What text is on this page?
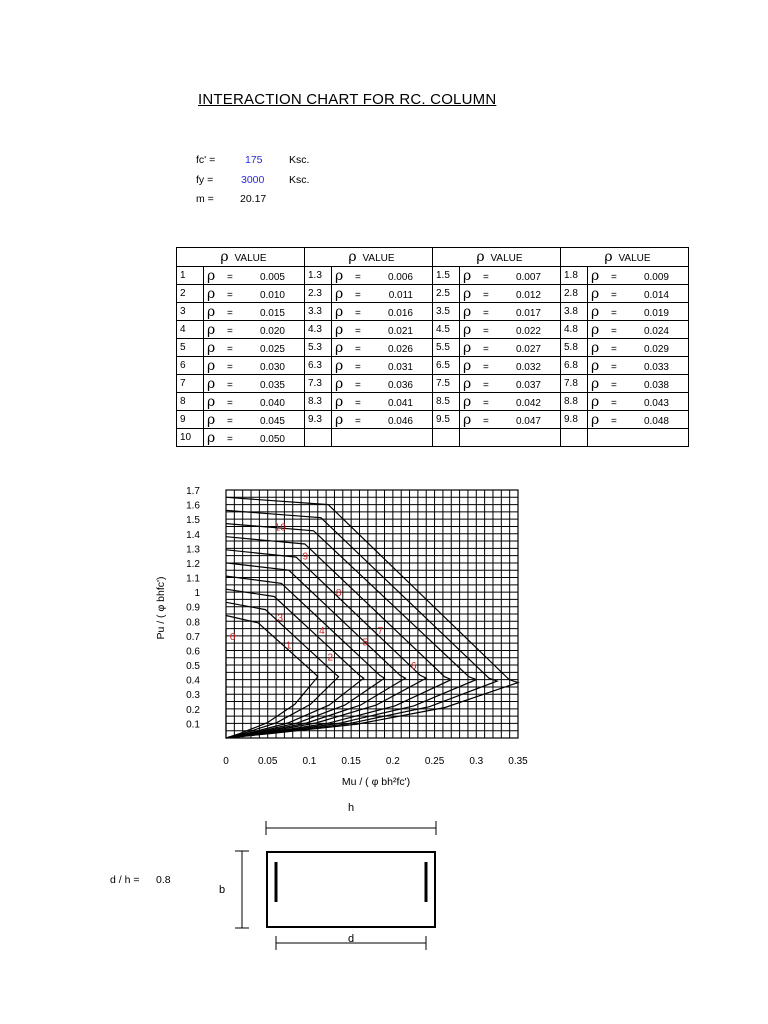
INTERACTION CHART FOR RC. COLUMN
fc' =	175	Ksc.
fy =	3000 Ksc.
m = 20.17
ρ VALUE		ρ VALUE		ρ VALUE		ρ VALUE	
1	ρ = 0.005	1.3	ρ = 0.006	1.5	ρ = 0.007	1.8	ρ = 0.009
2	ρ = 0.010	2.3	ρ = 0.011	2.5	ρ = 0.012	2.8	ρ = 0.014
3	ρ = 0.015	3.3	ρ = 0.016	3.5	ρ = 0.017	3.8	ρ = 0.019
4	ρ = 0.020	4.3	ρ = 0.021	4.5	ρ = 0.022	4.8	ρ = 0.024
5	ρ = 0.025	5.3	ρ = 0.026	5.5	ρ = 0.027	5.8	ρ = 0.029
6	ρ = 0.030	6.3	ρ = 0.031	6.5	ρ = 0.032	6.8	ρ = 0.033
7	ρ = 0.035	7.3	ρ = 0.036	7.5	ρ = 0.037	7.8	ρ = 0.038
8	ρ = 0.040	8.3	ρ = 0.041	8.5	ρ = 0.042	8.8	ρ = 0.043
9	ρ = 0.045	9.3	ρ = 0.046	9.5	ρ = 0.047	9.8	ρ = 0.048
10	ρ = 0.050						
0
1
2
3
4
5
6
7
8
9
10
0	0.05	0.1	0.15	0.2	0.25	0.3	0.35
0.1
0.2
0.3
0.4
0.5
0.6
0.7
0.8
0.9
1
1.1
1.2
1.3
1.4
1.5
1.6
1.7
Mu / ( φ bh²fc')
Pu / ( φ bhfc')
h
b
d
d / h = 0.8
